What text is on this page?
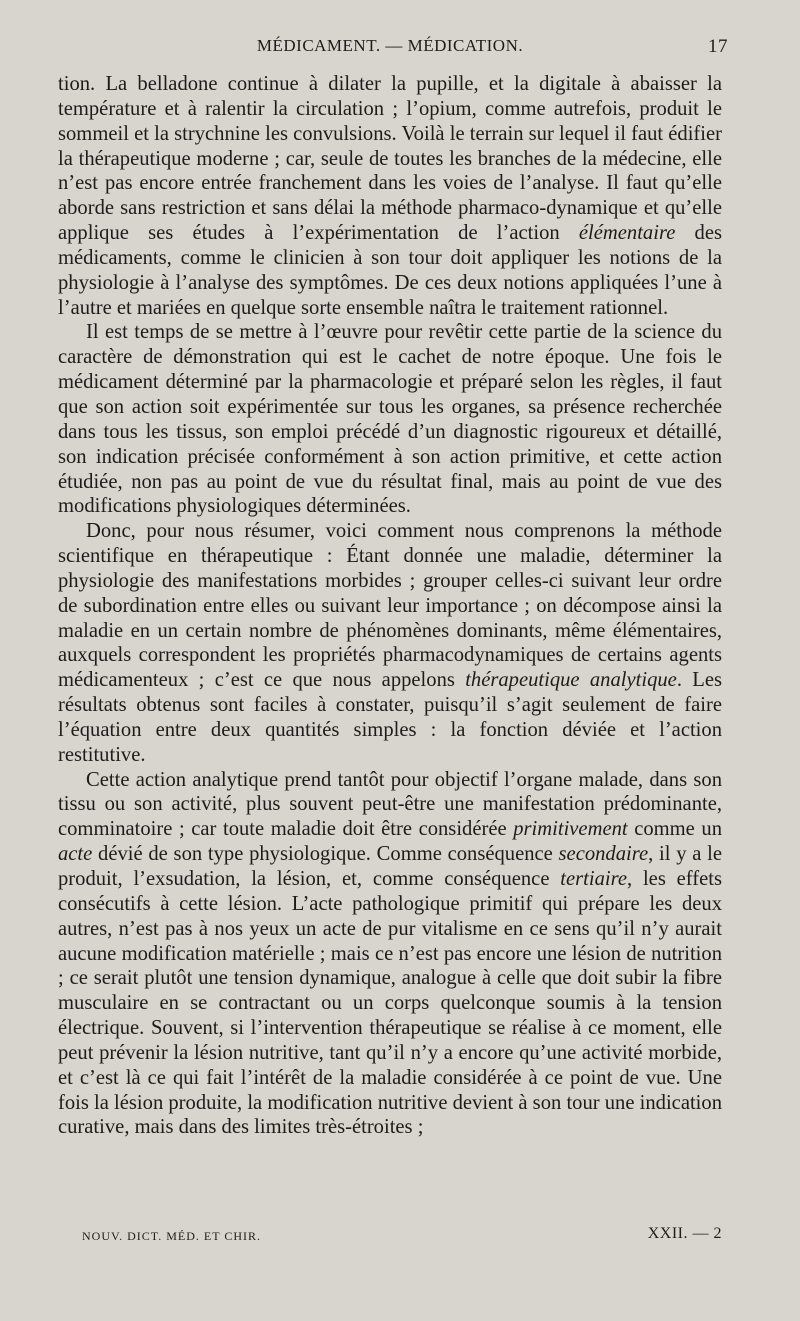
MÉDICAMENT. — MÉDICATION.	17

tion. La belladone continue à dilater la pupille, et la digitale à abaisser la température et à ralentir la circulation ; l’opium, comme autrefois, produit le sommeil et la strychnine les convulsions. Voilà le terrain sur lequel il faut édifier la thérapeutique moderne ; car, seule de toutes les branches de la médecine, elle n’est pas encore entrée franchement dans les voies de l’analyse. Il faut qu’elle aborde sans restriction et sans délai la méthode pharmaco-dynamique et qu’elle applique ses études à l’expérimentation de l’action élémentaire des médicaments, comme le clinicien à son tour doit appliquer les notions de la physiologie à l’analyse des symptômes. De ces deux notions appliquées l’une à l’autre et mariées en quelque sorte ensemble naîtra le traitement rationnel.

Il est temps de se mettre à l’œuvre pour revêtir cette partie de la science du caractère de démonstration qui est le cachet de notre époque. Une fois le médicament déterminé par la pharmacologie et préparé selon les règles, il faut que son action soit expérimentée sur tous les organes, sa présence recherchée dans tous les tissus, son emploi précédé d’un diagnostic rigoureux et détaillé, son indication précisée conformément à son action primitive, et cette action étudiée, non pas au point de vue du résultat final, mais au point de vue des modifications physiologiques déterminées.

Donc, pour nous résumer, voici comment nous comprenons la méthode scientifique en thérapeutique : Étant donnée une maladie, déterminer la physiologie des manifestations morbides ; grouper celles-ci suivant leur ordre de subordination entre elles ou suivant leur importance ; on décompose ainsi la maladie en un certain nombre de phénomènes dominants, même élémentaires, auxquels correspondent les propriétés pharmacodynamiques de certains agents médicamenteux ; c’est ce que nous appelons thérapeutique analytique. Les résultats obtenus sont faciles à constater, puisqu’il s’agit seulement de faire l’équation entre deux quantités simples : la fonction déviée et l’action restitutive.

Cette action analytique prend tantôt pour objectif l’organe malade, dans son tissu ou son activité, plus souvent peut-être une manifestation prédominante, comminatoire ; car toute maladie doit être considérée primitivement comme un acte dévié de son type physiologique. Comme conséquence secondaire, il y a le produit, l’exsudation, la lésion, et, comme conséquence tertiaire, les effets consécutifs à cette lésion. L’acte pathologique primitif qui prépare les deux autres, n’est pas à nos yeux un acte de pur vitalisme en ce sens qu’il n’y aurait aucune modification matérielle ; mais ce n’est pas encore une lésion de nutrition ; ce serait plutôt une tension dynamique, analogue à celle que doit subir la fibre musculaire en se contractant ou un corps quelconque soumis à la tension électrique. Souvent, si l’intervention thérapeutique se réalise à ce moment, elle peut prévenir la lésion nutritive, tant qu’il n’y a encore qu’une activité morbide, et c’est là ce qui fait l’intérêt de la maladie considérée à ce point de vue. Une fois la lésion produite, la modification nutritive devient à son tour une indication curative, mais dans des limites très-étroites ;

NOUV. DICT. MÉD. ET CHIR.	XXII. — 2
